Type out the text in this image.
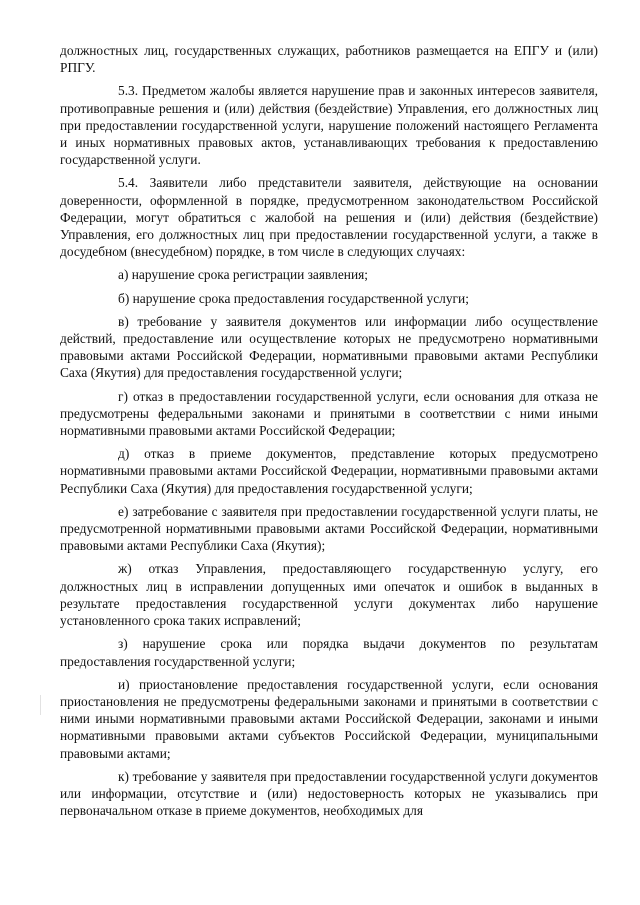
должностных лиц, государственных служащих, работников размещается на ЕПГУ и (или) РПГУ.

5.3. Предметом жалобы является нарушение прав и законных интересов заявителя, противоправные решения и (или) действия (бездействие) Управления, его должностных лиц при предоставлении государственной услуги, нарушение положений настоящего Регламента и иных нормативных правовых актов, устанавливающих требования к предоставлению государственной услуги.

5.4. Заявители либо представители заявителя, действующие на основании доверенности, оформленной в порядке, предусмотренном законодательством Российской Федерации, могут обратиться с жалобой на решения и (или) действия (бездействие) Управления, его должностных лиц при предоставлении государственной услуги, а также в досудебном (внесудебном) порядке, в том числе в следующих случаях:

а) нарушение срока регистрации заявления;

б) нарушение срока предоставления государственной услуги;

в) требование у заявителя документов или информации либо осуществление действий, предоставление или осуществление которых не предусмотрено нормативными правовыми актами Российской Федерации, нормативными правовыми актами Республики Саха (Якутия) для предоставления государственной услуги;

г) отказ в предоставлении государственной услуги, если основания для отказа не предусмотрены федеральными законами и принятыми в соответствии с ними иными нормативными правовыми актами Российской Федерации;

д) отказ в приеме документов, представление которых предусмотрено нормативными правовыми актами Российской Федерации, нормативными правовыми актами Республики Саха (Якутия) для предоставления государственной услуги;

е) затребование с заявителя при предоставлении государственной услуги платы, не предусмотренной нормативными правовыми актами Российской Федерации, нормативными правовыми актами Республики Саха (Якутия);

ж) отказ Управления, предоставляющего государственную услугу, его должностных лиц в исправлении допущенных ими опечаток и ошибок в выданных в результате предоставления государственной услуги документах либо нарушение установленного срока таких исправлений;

з) нарушение срока или порядка выдачи документов по результатам предоставления государственной услуги;

и) приостановление предоставления государственной услуги, если основания приостановления не предусмотрены федеральными законами и принятыми в соответствии с ними иными нормативными правовыми актами Российской Федерации, законами и иными нормативными правовыми актами субъектов Российской Федерации, муниципальными правовыми актами;

к) требование у заявителя при предоставлении государственной услуги документов или информации, отсутствие и (или) недостоверность которых не указывались при первоначальном отказе в приеме документов, необходимых для
